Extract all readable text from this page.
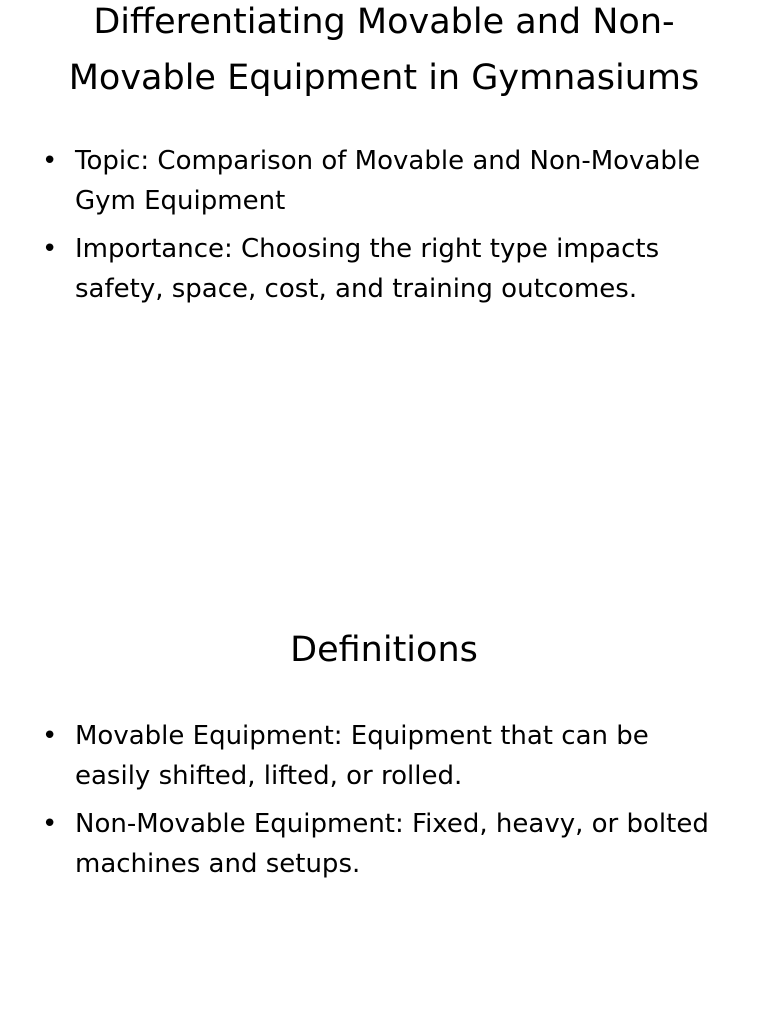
Differentiating Movable and Non-Movable Equipment in Gymnasiums
• Topic: Comparison of Movable and Non-Movable Gym Equipment
• Importance: Choosing the right type impacts safety, space, cost, and training outcomes.
Definitions
• Movable Equipment: Equipment that can be easily shifted, lifted, or rolled.
• Non-Movable Equipment: Fixed, heavy, or bolted machines and setups.
